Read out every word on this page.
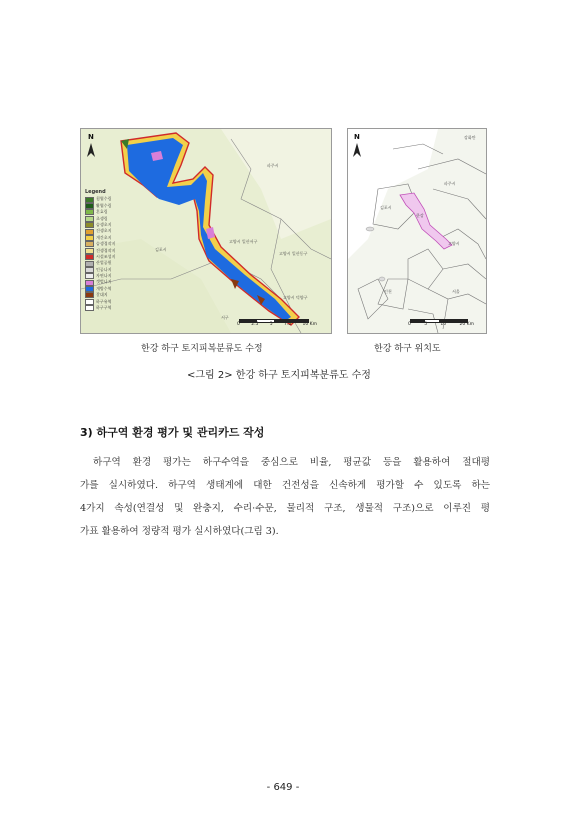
N
Legend
침엽수림
활엽수림
혼효림
초생림
습생초지
건생초지
개간초지
습생경작지
건생경작지
시설조성지
산업공원
인공나지
자연나지
갯벌나지
개방수역
갈대지
하구유역
하구구역
파주시
김포시
고양시 일산서구
고양시 일산동구
고양시 덕양구
서구
0	2.5	5	7.5	10 Km
N	강화만
한강
김포시
파주시
고양시
인천	서울
0	5	10	20 Km
한강 하구 토지피복분류도 수정	한강 하구 위치도
<그림 2> 한강 하구 토지피복분류도 수정
3) 하구역 환경 평가 및 관리카드 작성
하구역 환경 평가는 하구수역을 중심으로 비율, 평균값 등을 활용하여 절대평
가를 실시하였다. 하구역 생태계에 대한 건전성을 신속하게 평가할 수 있도록 하는
4가지 속성(연결성 및 완충지, 수리·수문, 물리적 구조, 생물적 구조)으로 이루진 평
가표 활용하여 정량적 평가 실시하였다(그림 3).
- 649 -
